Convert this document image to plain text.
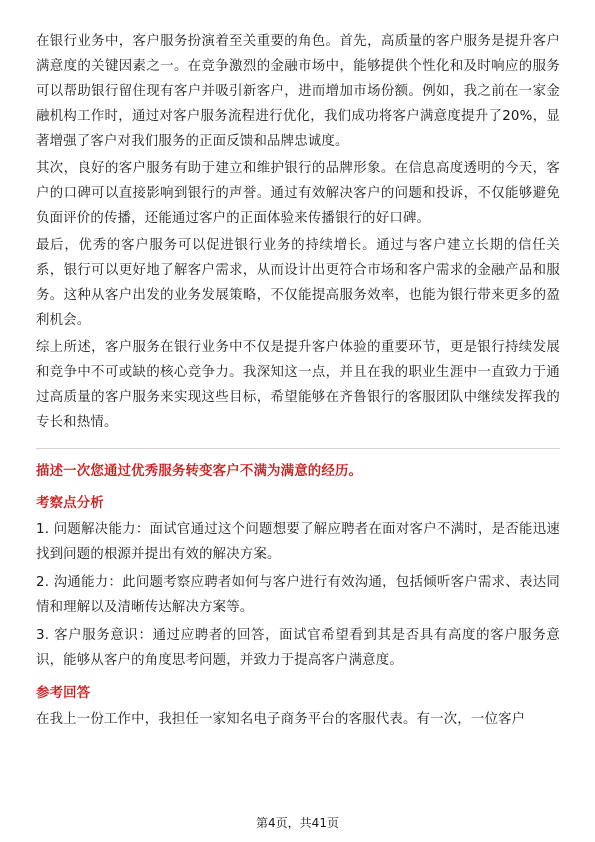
在银行业务中，客户服务扮演着至关重要的角色。首先，高质量的客户服务是提升客户满意度的关键因素之一。在竞争激烈的金融市场中，能够提供个性化和及时响应的服务可以帮助银行留住现有客户并吸引新客户，进而增加市场份额。例如，我之前在一家金融机构工作时，通过对客户服务流程进行优化，我们成功将客户满意度提升了20%，显著增强了客户对我们服务的正面反馈和品牌忠诚度。

其次，良好的客户服务有助于建立和维护银行的品牌形象。在信息高度透明的今天，客户的口碑可以直接影响到银行的声誉。通过有效解决客户的问题和投诉，不仅能够避免负面评价的传播，还能通过客户的正面体验来传播银行的好口碑。

最后，优秀的客户服务可以促进银行业务的持续增长。通过与客户建立长期的信任关系，银行可以更好地了解客户需求，从而设计出更符合市场和客户需求的金融产品和服务。这种从客户出发的业务发展策略，不仅能提高服务效率，也能为银行带来更多的盈利机会。

综上所述，客户服务在银行业务中不仅是提升客户体验的重要环节，更是银行持续发展和竞争中不可或缺的核心竞争力。我深知这一点，并且在我的职业生涯中一直致力于通过高质量的客户服务来实现这些目标，希望能够在齐鲁银行的客服团队中继续发挥我的专长和热情。

描述一次您通过优秀服务转变客户不满为满意的经历。

考察点分析
1. 问题解决能力：面试官通过这个问题想要了解应聘者在面对客户不满时，是否能迅速找到问题的根源并提出有效的解决方案。
2. 沟通能力：此问题考察应聘者如何与客户进行有效沟通，包括倾听客户需求、表达同情和理解以及清晰传达解决方案等。
3. 客户服务意识：通过应聘者的回答，面试官希望看到其是否具有高度的客户服务意识，能够从客户的角度思考问题，并致力于提高客户满意度。
参考回答

在我上一份工作中，我担任一家知名电子商务平台的客服代表。有一次，一位客户

第4页，共41页
